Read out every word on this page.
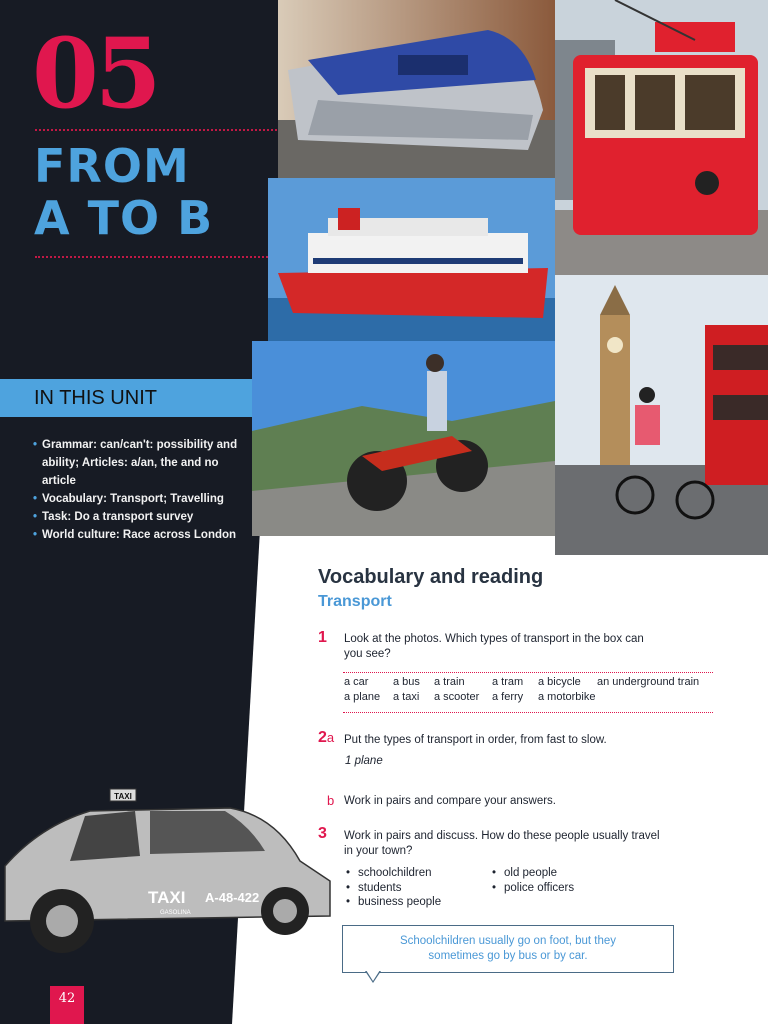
05
FROM
A TO B
IN THIS UNIT
• Grammar: can/can't: possibility and ability; Articles: a/an, the and no article
• Vocabulary: Transport; Travelling
• Task: Do a transport survey
• World culture: Race across London
TAXI
TAXI
GASOLINA
A-48-422
42
Vocabulary and reading
Transport
1 Look at the photos. Which types of transport in the box can
you see?
a car a bus a train a tram a bicycle an underground train
a plane a taxi a scooter a ferry a motorbike
2a Put the types of transport in order, from fast to slow.
1 plane
b Work in pairs and compare your answers.
3 Work in pairs and discuss. How do these people usually travel
in your town?
• schoolchildren
• students
• business people
• old people
• police officers

Schoolchildren usually go on foot, but they
sometimes go by bus or by car.
